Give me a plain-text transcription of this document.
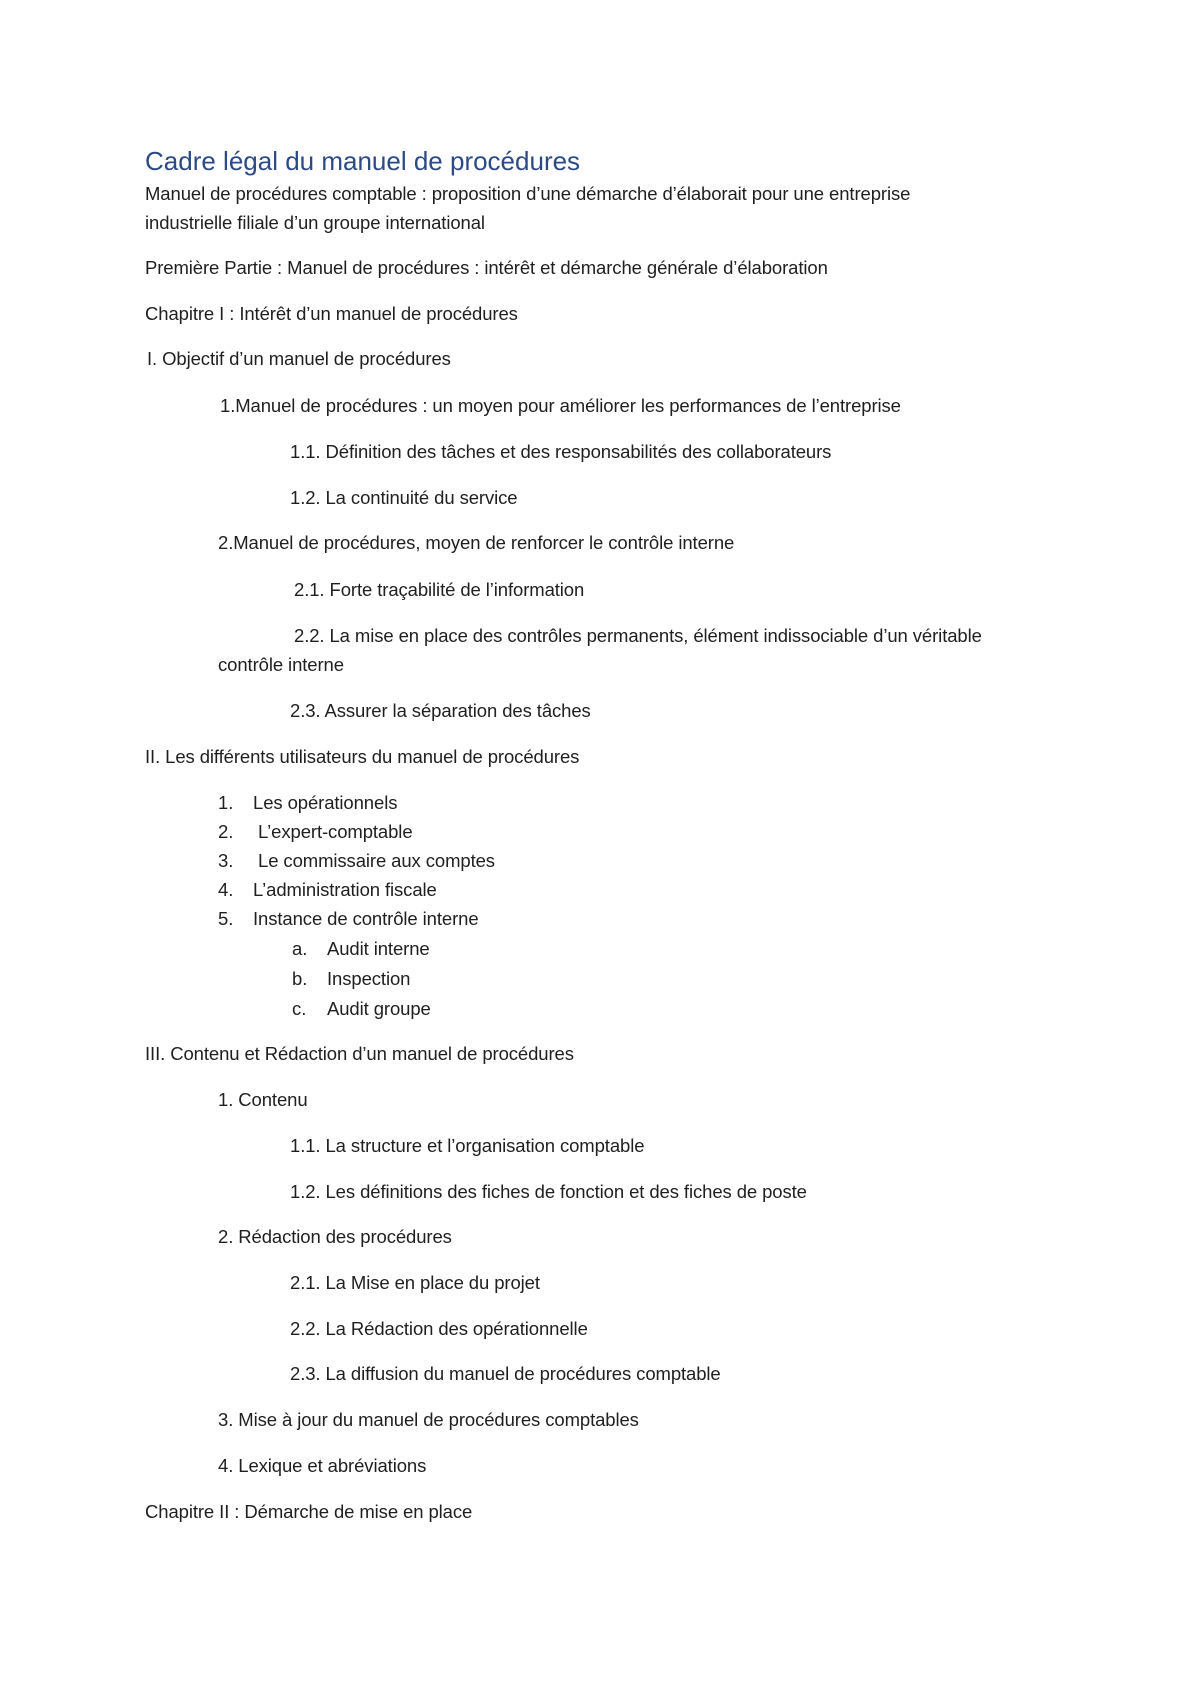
Cadre légal du manuel de procédures
Manuel de procédures comptable : proposition d’une démarche d’élaborait pour une entreprise
industrielle filiale d’un groupe international
Première Partie : Manuel de procédures : intérêt et démarche générale d’élaboration
Chapitre I : Intérêt d’un manuel de procédures
I. Objectif d’un manuel de procédures
1.Manuel de procédures : un moyen pour améliorer les performances de l’entreprise
1.1. Définition des tâches et des responsabilités des collaborateurs
1.2. La continuité du service
2.Manuel de procédures, moyen de renforcer le contrôle interne
2.1. Forte traçabilité de l’information
2.2. La mise en place des contrôles permanents, élément indissociable d’un véritable
contrôle interne
2.3. Assurer la séparation des tâches
II. Les différents utilisateurs du manuel de procédures
1. Les opérationnels
2. L’expert-comptable
3. Le commissaire aux comptes
4. L’administration fiscale
5. Instance de contrôle interne
a. Audit interne
b. Inspection
c. Audit groupe
III. Contenu et Rédaction d’un manuel de procédures
1. Contenu
1.1. La structure et l’organisation comptable
1.2. Les définitions des fiches de fonction et des fiches de poste
2. Rédaction des procédures
2.1. La Mise en place du projet
2.2. La Rédaction des opérationnelle
2.3. La diffusion du manuel de procédures comptable
3. Mise à jour du manuel de procédures comptables
4. Lexique et abréviations
Chapitre II : Démarche de mise en place
